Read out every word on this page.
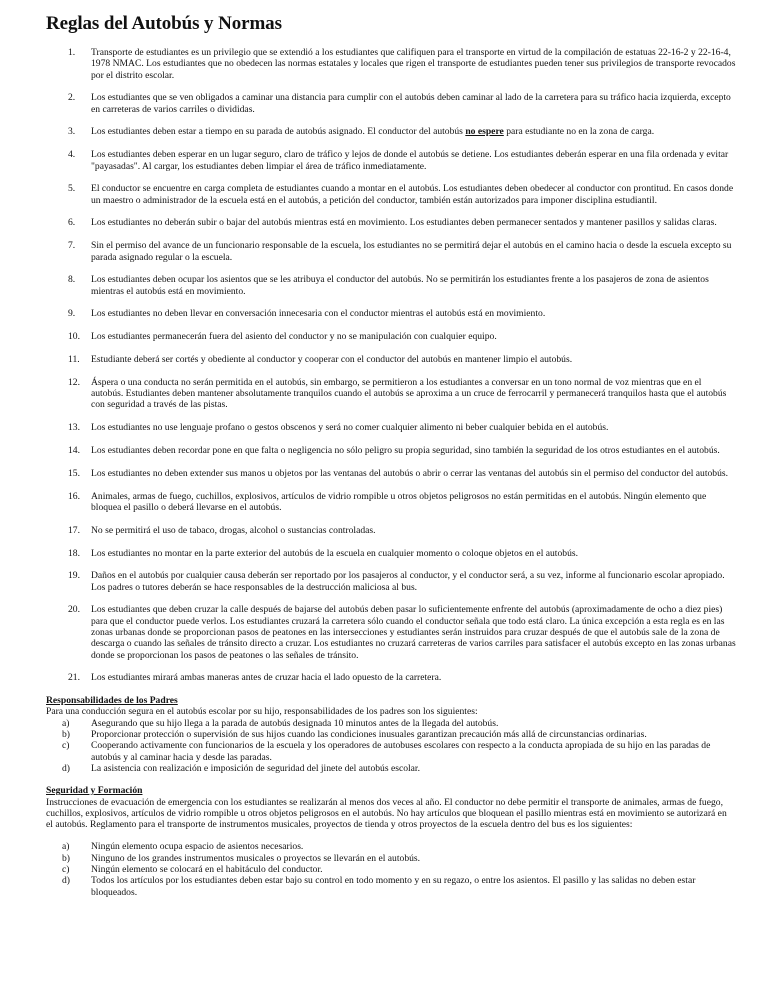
Reglas del Autobús y Normas
1. Transporte de estudiantes es un privilegio que se extendió a los estudiantes que califiquen para el transporte en virtud de la compilación de estatuas 22-16-2 y 22-16-4, 1978 NMAC. Los estudiantes que no obedecen las normas estatales y locales que rigen el transporte de estudiantes pueden tener sus privilegios de transporte revocados por el distrito escolar.
2. Los estudiantes que se ven obligados a caminar una distancia para cumplir con el autobús deben caminar al lado de la carretera para su tráfico hacia izquierda, excepto en carreteras de varios carriles o divididas.
3. Los estudiantes deben estar a tiempo en su parada de autobús asignado. El conductor del autobús no espere para estudiante no en la zona de carga.
4. Los estudiantes deben esperar en un lugar seguro, claro de tráfico y lejos de donde el autobús se detiene. Los estudiantes deberán esperar en una fila ordenada y evitar "payasadas". Al cargar, los estudiantes deben limpiar el área de tráfico inmediatamente.
5. El conductor se encuentre en carga completa de estudiantes cuando a montar en el autobús. Los estudiantes deben obedecer al conductor con prontitud. En casos donde un maestro o administrador de la escuela está en el autobús, a petición del conductor, también están autorizados para imponer disciplina estudiantil.
6. Los estudiantes no deberán subir o bajar del autobús mientras está en movimiento. Los estudiantes deben permanecer sentados y mantener pasillos y salidas claras.
7. Sin el permiso del avance de un funcionario responsable de la escuela, los estudiantes no se permitirá dejar el autobús en el camino hacia o desde la escuela excepto su parada asignado regular o la escuela.
8. Los estudiantes deben ocupar los asientos que se les atribuya el conductor del autobús. No se permitirán los estudiantes frente a los pasajeros de zona de asientos mientras el autobús está en movimiento.
9. Los estudiantes no deben llevar en conversación innecesaria con el conductor mientras el autobús está en movimiento.
10. Los estudiantes permanecerán fuera del asiento del conductor y no se manipulación con cualquier equipo.
11. Estudiante deberá ser cortés y obediente al conductor y cooperar con el conductor del autobús en mantener limpio el autobús.
12. Áspera o una conducta no serán permitida en el autobús, sin embargo, se permitieron a los estudiantes a conversar en un tono normal de voz mientras que en el autobús. Estudiantes deben mantener absolutamente tranquilos cuando el autobús se aproxima a un cruce de ferrocarril y permanecerá tranquilos hasta que el autobús con seguridad a través de las pistas.
13. Los estudiantes no use lenguaje profano o gestos obscenos y será no comer cualquier alimento ni beber cualquier bebida en el autobús.
14. Los estudiantes deben recordar pone en que falta o negligencia no sólo peligro su propia seguridad, sino también la seguridad de los otros estudiantes en el autobús.
15. Los estudiantes no deben extender sus manos u objetos por las ventanas del autobús o abrir o cerrar las ventanas del autobús sin el permiso del conductor del autobús.
16. Animales, armas de fuego, cuchillos, explosivos, artículos de vidrio rompible u otros objetos peligrosos no están permitidas en el autobús. Ningún elemento que bloquea el pasillo o deberá llevarse en el autobús.
17. No se permitirá el uso de tabaco, drogas, alcohol o sustancias controladas.
18. Los estudiantes no montar en la parte exterior del autobús de la escuela en cualquier momento o coloque objetos en el autobús.
19. Daños en el autobús por cualquier causa deberán ser reportado por los pasajeros al conductor, y el conductor será, a su vez, informe al funcionario escolar apropiado. Los padres o tutores deberán se hace responsables de la destrucción maliciosa al bus.
20. Los estudiantes que deben cruzar la calle después de bajarse del autobús deben pasar lo suficientemente enfrente del autobús (aproximadamente de ocho a diez pies) para que el conductor puede verlos. Los estudiantes cruzará la carretera sólo cuando el conductor señala que todo está claro. La única excepción a esta regla es en las zonas urbanas donde se proporcionan pasos de peatones en las intersecciones y estudiantes serán instruidos para cruzar después de que el autobús sale de la zona de descarga o cuando las señales de tránsito directo a cruzar. Los estudiantes no cruzará carreteras de varios carriles para satisfacer el autobús excepto en las zonas urbanas donde se proporcionan los pasos de peatones o las señales de tránsito.
21. Los estudiantes mirará ambas maneras antes de cruzar hacia el lado opuesto de la carretera.
Responsabilidades de los Padres

Para una conducción segura en el autobús escolar por su hijo, responsabilidades de los padres son los siguientes:

a) Asegurando que su hijo llega a la parada de autobús designada 10 minutos antes de la llegada del autobús.
b) Proporcionar protección o supervisión de sus hijos cuando las condiciones inusuales garantizan precaución más allá de circunstancias ordinarias.
c) Cooperando activamente con funcionarios de la escuela y los operadores de autobuses escolares con respecto a la conducta apropiada de su hijo en las paradas de autobús y al caminar hacia y desde las paradas.
d) La asistencia con realización e imposición de seguridad del jinete del autobús escolar.
Seguridad y Formación

Instrucciones de evacuación de emergencia con los estudiantes se realizarán al menos dos veces al año. El conductor no debe permitir el transporte de animales, armas de fuego, cuchillos, explosivos, artículos de vidrio rompible u otros objetos peligrosos en el autobús. No hay artículos que bloquean el pasillo mientras está en movimiento se autorizará en el autobús. Reglamento para el transporte de instrumentos musicales, proyectos de tienda y otros proyectos de la escuela dentro del bus es los siguientes:

a) Ningún elemento ocupa espacio de asientos necesarios.
b) Ninguno de los grandes instrumentos musicales o proyectos se llevarán en el autobús.
c) Ningún elemento se colocará en el habitáculo del conductor.
d) Todos los artículos por los estudiantes deben estar bajo su control en todo momento y en su regazo, o entre los asientos. El pasillo y las salidas no deben estar bloqueados.
